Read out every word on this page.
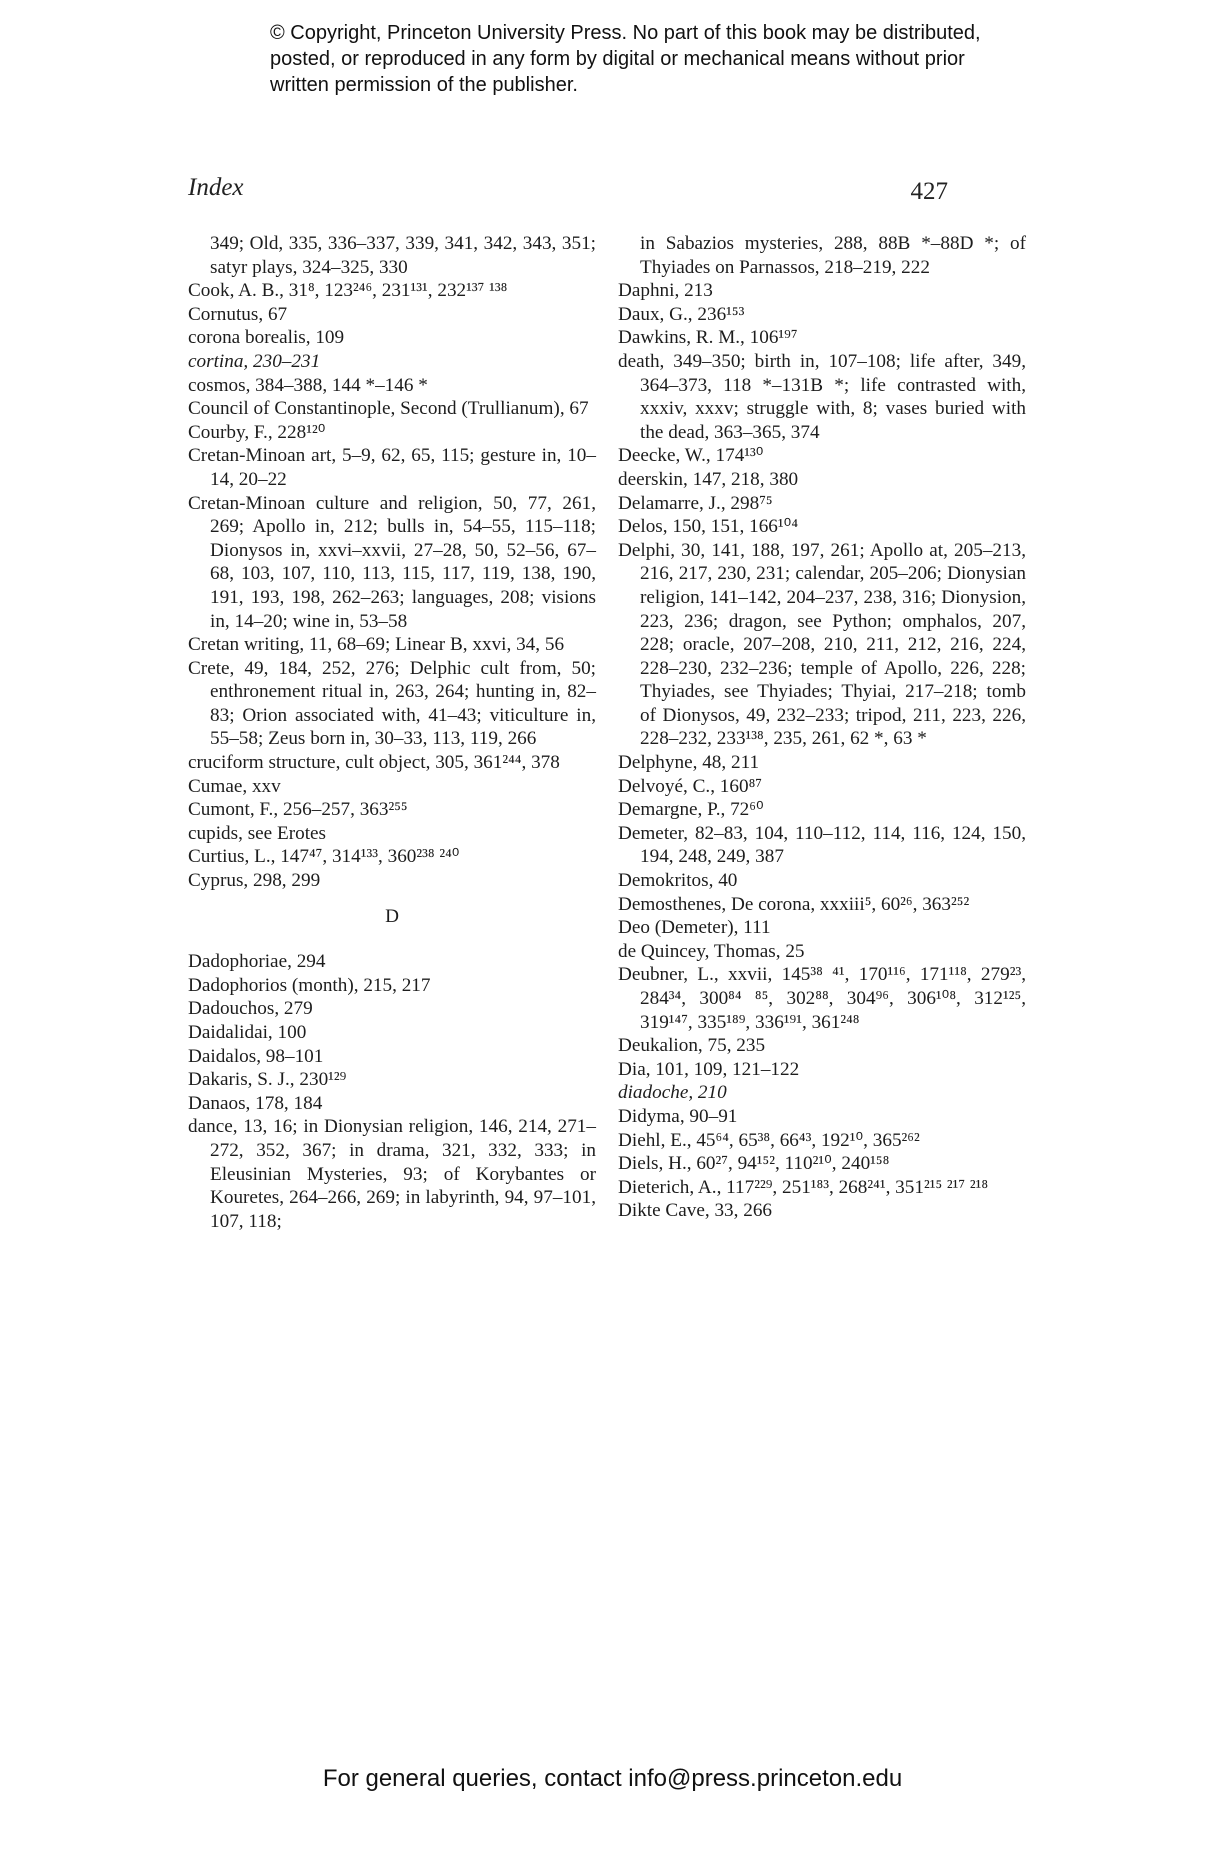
© Copyright, Princeton University Press. No part of this book may be distributed, posted, or reproduced in any form by digital or mechanical means without prior written permission of the publisher.
Index	427

349; Old, 335, 336–337, 339, 341, 342, 343, 351; satyr plays, 324–325, 330

Cook, A. B., 31⁸, 123²⁴⁶, 231¹³¹, 232¹³⁷ ¹³⁸

Cornutus, 67

corona borealis, 109

cortina, 230–231

cosmos, 384–388, 144 *–146 *

Council of Constantinople, Second (Trullianum), 67

Courby, F., 228¹²⁰

Cretan-Minoan art, 5–9, 62, 65, 115; gesture in, 10–14, 20–22

Cretan-Minoan culture and religion, 50, 77, 261, 269; Apollo in, 212; bulls in, 54–55, 115–118; Dionysos in, xxvi–xxvii, 27–28, 50, 52–56, 67–68, 103, 107, 110, 113, 115, 117, 119, 138, 190, 191, 193, 198, 262–263; languages, 208; visions in, 14–20; wine in, 53–58

Cretan writing, 11, 68–69; Linear B, xxvi, 34, 56

Crete, 49, 184, 252, 276; Delphic cult from, 50; enthronement ritual in, 263, 264; hunting in, 82–83; Orion associated with, 41–43; viticulture in, 55–58; Zeus born in, 30–33, 113, 119, 266

cruciform structure, cult object, 305, 361²⁴⁴, 378

Cumae, xxv

Cumont, F., 256–257, 363²⁵⁵

cupids, see Erotes

Curtius, L., 147⁴⁷, 314¹³³, 360²³⁸ ²⁴⁰

Cyprus, 298, 299

D

Dadophoriae, 294

Dadophorios (month), 215, 217

Dadouchos, 279

Daidalidai, 100

Daidalos, 98–101

Dakaris, S. J., 230¹²⁹

Danaos, 178, 184

dance, 13, 16; in Dionysian religion, 146, 214, 271–272, 352, 367; in drama, 321, 332, 333; in Eleusinian Mysteries, 93; of Korybantes or Kouretes, 264–266, 269; in labyrinth, 94, 97–101, 107, 118;

in Sabazios mysteries, 288, 88B *–88D *; of Thyiades on Parnassos, 218–219, 222

Daphni, 213

Daux, G., 236¹⁵³

Dawkins, R. M., 106¹⁹⁷

death, 349–350; birth in, 107–108; life after, 349, 364–373, 118 *–131B *; life contrasted with, xxxiv, xxxv; struggle with, 8; vases buried with the dead, 363–365, 374

Deecke, W., 174¹³⁰

deerskin, 147, 218, 380

Delamarre, J., 298⁷⁵

Delos, 150, 151, 166¹⁰⁴

Delphi, 30, 141, 188, 197, 261; Apollo at, 205–213, 216, 217, 230, 231; calendar, 205–206; Dionysian religion, 141–142, 204–237, 238, 316; Dionysion, 223, 236; dragon, see Python; omphalos, 207, 228; oracle, 207–208, 210, 211, 212, 216, 224, 228–230, 232–236; temple of Apollo, 226, 228; Thyiades, see Thyiades; Thyiai, 217–218; tomb of Dionysos, 49, 232–233; tripod, 211, 223, 226, 228–232, 233¹³⁸, 235, 261, 62 *, 63 *

Delphyne, 48, 211

Delvoyé, C., 160⁸⁷

Demargne, P., 72⁶⁰

Demeter, 82–83, 104, 110–112, 114, 116, 124, 150, 194, 248, 249, 387

Demokritos, 40

Demosthenes, De corona, xxxiii⁵, 60²⁶, 363²⁵²

Deo (Demeter), 111

de Quincey, Thomas, 25

Deubner, L., xxvii, 145³⁸ ⁴¹, 170¹¹⁶, 171¹¹⁸, 279²³, 284³⁴, 300⁸⁴ ⁸⁵, 302⁸⁸, 304⁹⁶, 306¹⁰⁸, 312¹²⁵, 319¹⁴⁷, 335¹⁸⁹, 336¹⁹¹, 361²⁴⁸

Deukalion, 75, 235

Dia, 101, 109, 121–122

diadoche, 210

Didyma, 90–91

Diehl, E., 45⁶⁴, 65³⁸, 66⁴³, 192¹⁰, 365²⁶²

Diels, H., 60²⁷, 94¹⁵², 110²¹⁰, 240¹⁵⁸

Dieterich, A., 117²²⁹, 251¹⁸³, 268²⁴¹, 351²¹⁵ ²¹⁷ ²¹⁸

Dikte Cave, 33, 266

For general queries, contact info@press.princeton.edu
